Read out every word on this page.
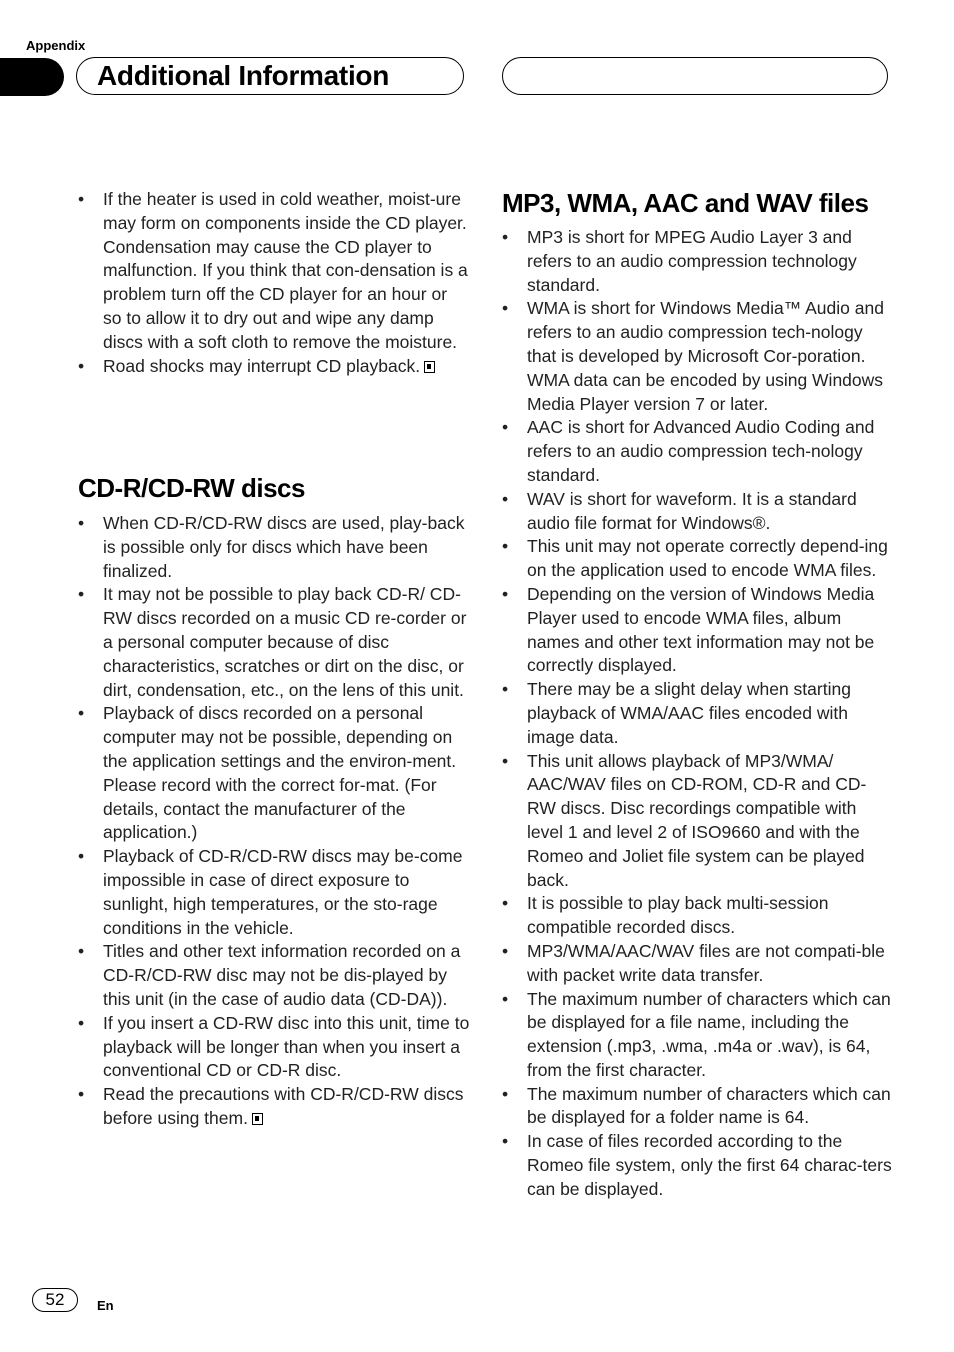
Appendix
Additional Information
• If the heater is used in cold weather, moist-ure may form on components inside the CD player. Condensation may cause the CD player to malfunction. If you think that con-densation is a problem turn off the CD player for an hour or so to allow it to dry out and wipe any damp discs with a soft cloth to remove the moisture.
• Road shocks may interrupt CD playback.
CD-R/CD-RW discs
• When CD-R/CD-RW discs are used, play-back is possible only for discs which have been finalized.
• It may not be possible to play back CD-R/ CD-RW discs recorded on a music CD re-corder or a personal computer because of disc characteristics, scratches or dirt on the disc, or dirt, condensation, etc., on the lens of this unit.
• Playback of discs recorded on a personal computer may not be possible, depending on the application settings and the environ-ment. Please record with the correct for-mat. (For details, contact the manufacturer of the application.)
• Playback of CD-R/CD-RW discs may be-come impossible in case of direct exposure to sunlight, high temperatures, or the sto-rage conditions in the vehicle.
• Titles and other text information recorded on a CD-R/CD-RW disc may not be dis-played by this unit (in the case of audio data (CD-DA)).
• If you insert a CD-RW disc into this unit, time to playback will be longer than when you insert a conventional CD or CD-R disc.
• Read the precautions with CD-R/CD-RW discs before using them.
MP3, WMA, AAC and WAV files
• MP3 is short for MPEG Audio Layer 3 and refers to an audio compression technology standard.
• WMA is short for Windows Media™ Audio and refers to an audio compression tech-nology that is developed by Microsoft Cor-poration. WMA data can be encoded by using Windows Media Player version 7 or later.
• AAC is short for Advanced Audio Coding and refers to an audio compression tech-nology standard.
• WAV is short for waveform. It is a standard audio file format for Windows®.
• This unit may not operate correctly depend-ing on the application used to encode WMA files.
• Depending on the version of Windows Media Player used to encode WMA files, album names and other text information may not be correctly displayed.
• There may be a slight delay when starting playback of WMA/AAC files encoded with image data.
• This unit allows playback of MP3/WMA/ AAC/WAV files on CD-ROM, CD-R and CD-RW discs. Disc recordings compatible with level 1 and level 2 of ISO9660 and with the Romeo and Joliet file system can be played back.
• It is possible to play back multi-session compatible recorded discs.
• MP3/WMA/AAC/WAV files are not compati-ble with packet write data transfer.
• The maximum number of characters which can be displayed for a file name, including the extension (.mp3, .wma, .m4a or .wav), is 64, from the first character.
• The maximum number of characters which can be displayed for a folder name is 64.
• In case of files recorded according to the Romeo file system, only the first 64 charac-ters can be displayed.
52	En
